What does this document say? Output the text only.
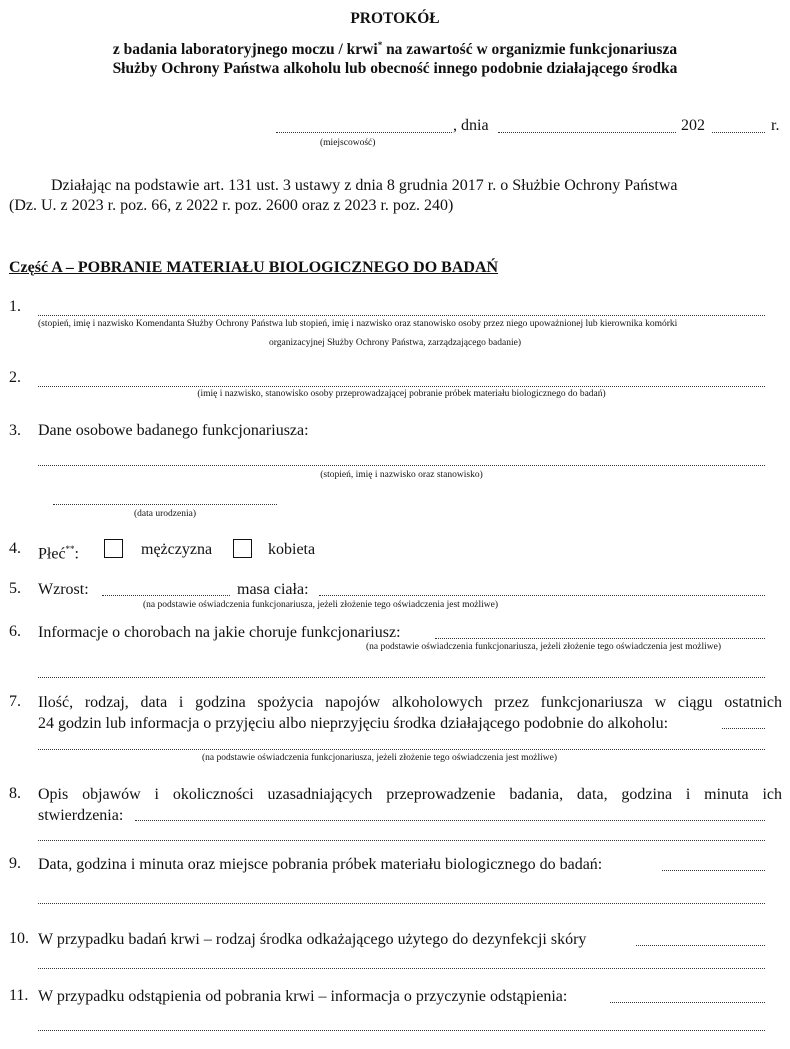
PROTOKÓŁ
z badania laboratoryjnego moczu / krwi* na zawartość w organizmie funkcjonariusza
Służby Ochrony Państwa alkoholu lub obecność innego podobnie działającego środka
, dnia	202	r.
(miejscowość)
Działając na podstawie art. 131 ust. 3 ustawy z dnia 8 grudnia 2017 r. o Służbie Ochrony Państwa
(Dz. U. z 2023 r. poz. 66, z 2022 r. poz. 2600 oraz z 2023 r. poz. 240)
Część A – POBRANIE MATERIAŁU BIOLOGICZNEGO DO BADAŃ
1.
(stopień, imię i nazwisko Komendanta Służby Ochrony Państwa lub stopień, imię i nazwisko oraz stanowisko osoby przez niego upoważnionej lub kierownika komórki
organizacyjnej Służby Ochrony Państwa, zarządzającego badanie)
2.
(imię i nazwisko, stanowisko osoby przeprowadzającej pobranie próbek materiału biologicznego do badań)
3. Dane osobowe badanego funkcjonariusza:
(stopień, imię i nazwisko oraz stanowisko)
(data urodzenia)
4. Płeć**:	mężczyzna	kobieta
5. Wzrost:	masa ciała:
(na podstawie oświadczenia funkcjonariusza, jeżeli złożenie tego oświadczenia jest możliwe)
6. Informacje o chorobach na jakie choruje funkcjonariusz:
(na podstawie oświadczenia funkcjonariusza, jeżeli złożenie tego oświadczenia jest możliwe)
7. Ilość, rodzaj, data i godzina spożycia napojów alkoholowych przez funkcjonariusza w ciągu ostatnich
24 godzin lub informacja o przyjęciu albo nieprzyjęciu środka działającego podobnie do alkoholu:
(na podstawie oświadczenia funkcjonariusza, jeżeli złożenie tego oświadczenia jest możliwe)
8. Opis objawów i okoliczności uzasadniających przeprowadzenie badania, data, godzina i minuta ich
stwierdzenia:
9. Data, godzina i minuta oraz miejsce pobrania próbek materiału biologicznego do badań:
10. W przypadku badań krwi – rodzaj środka odkażającego użytego do dezynfekcji skóry
11. W przypadku odstąpienia od pobrania krwi – informacja o przyczynie odstąpienia:
